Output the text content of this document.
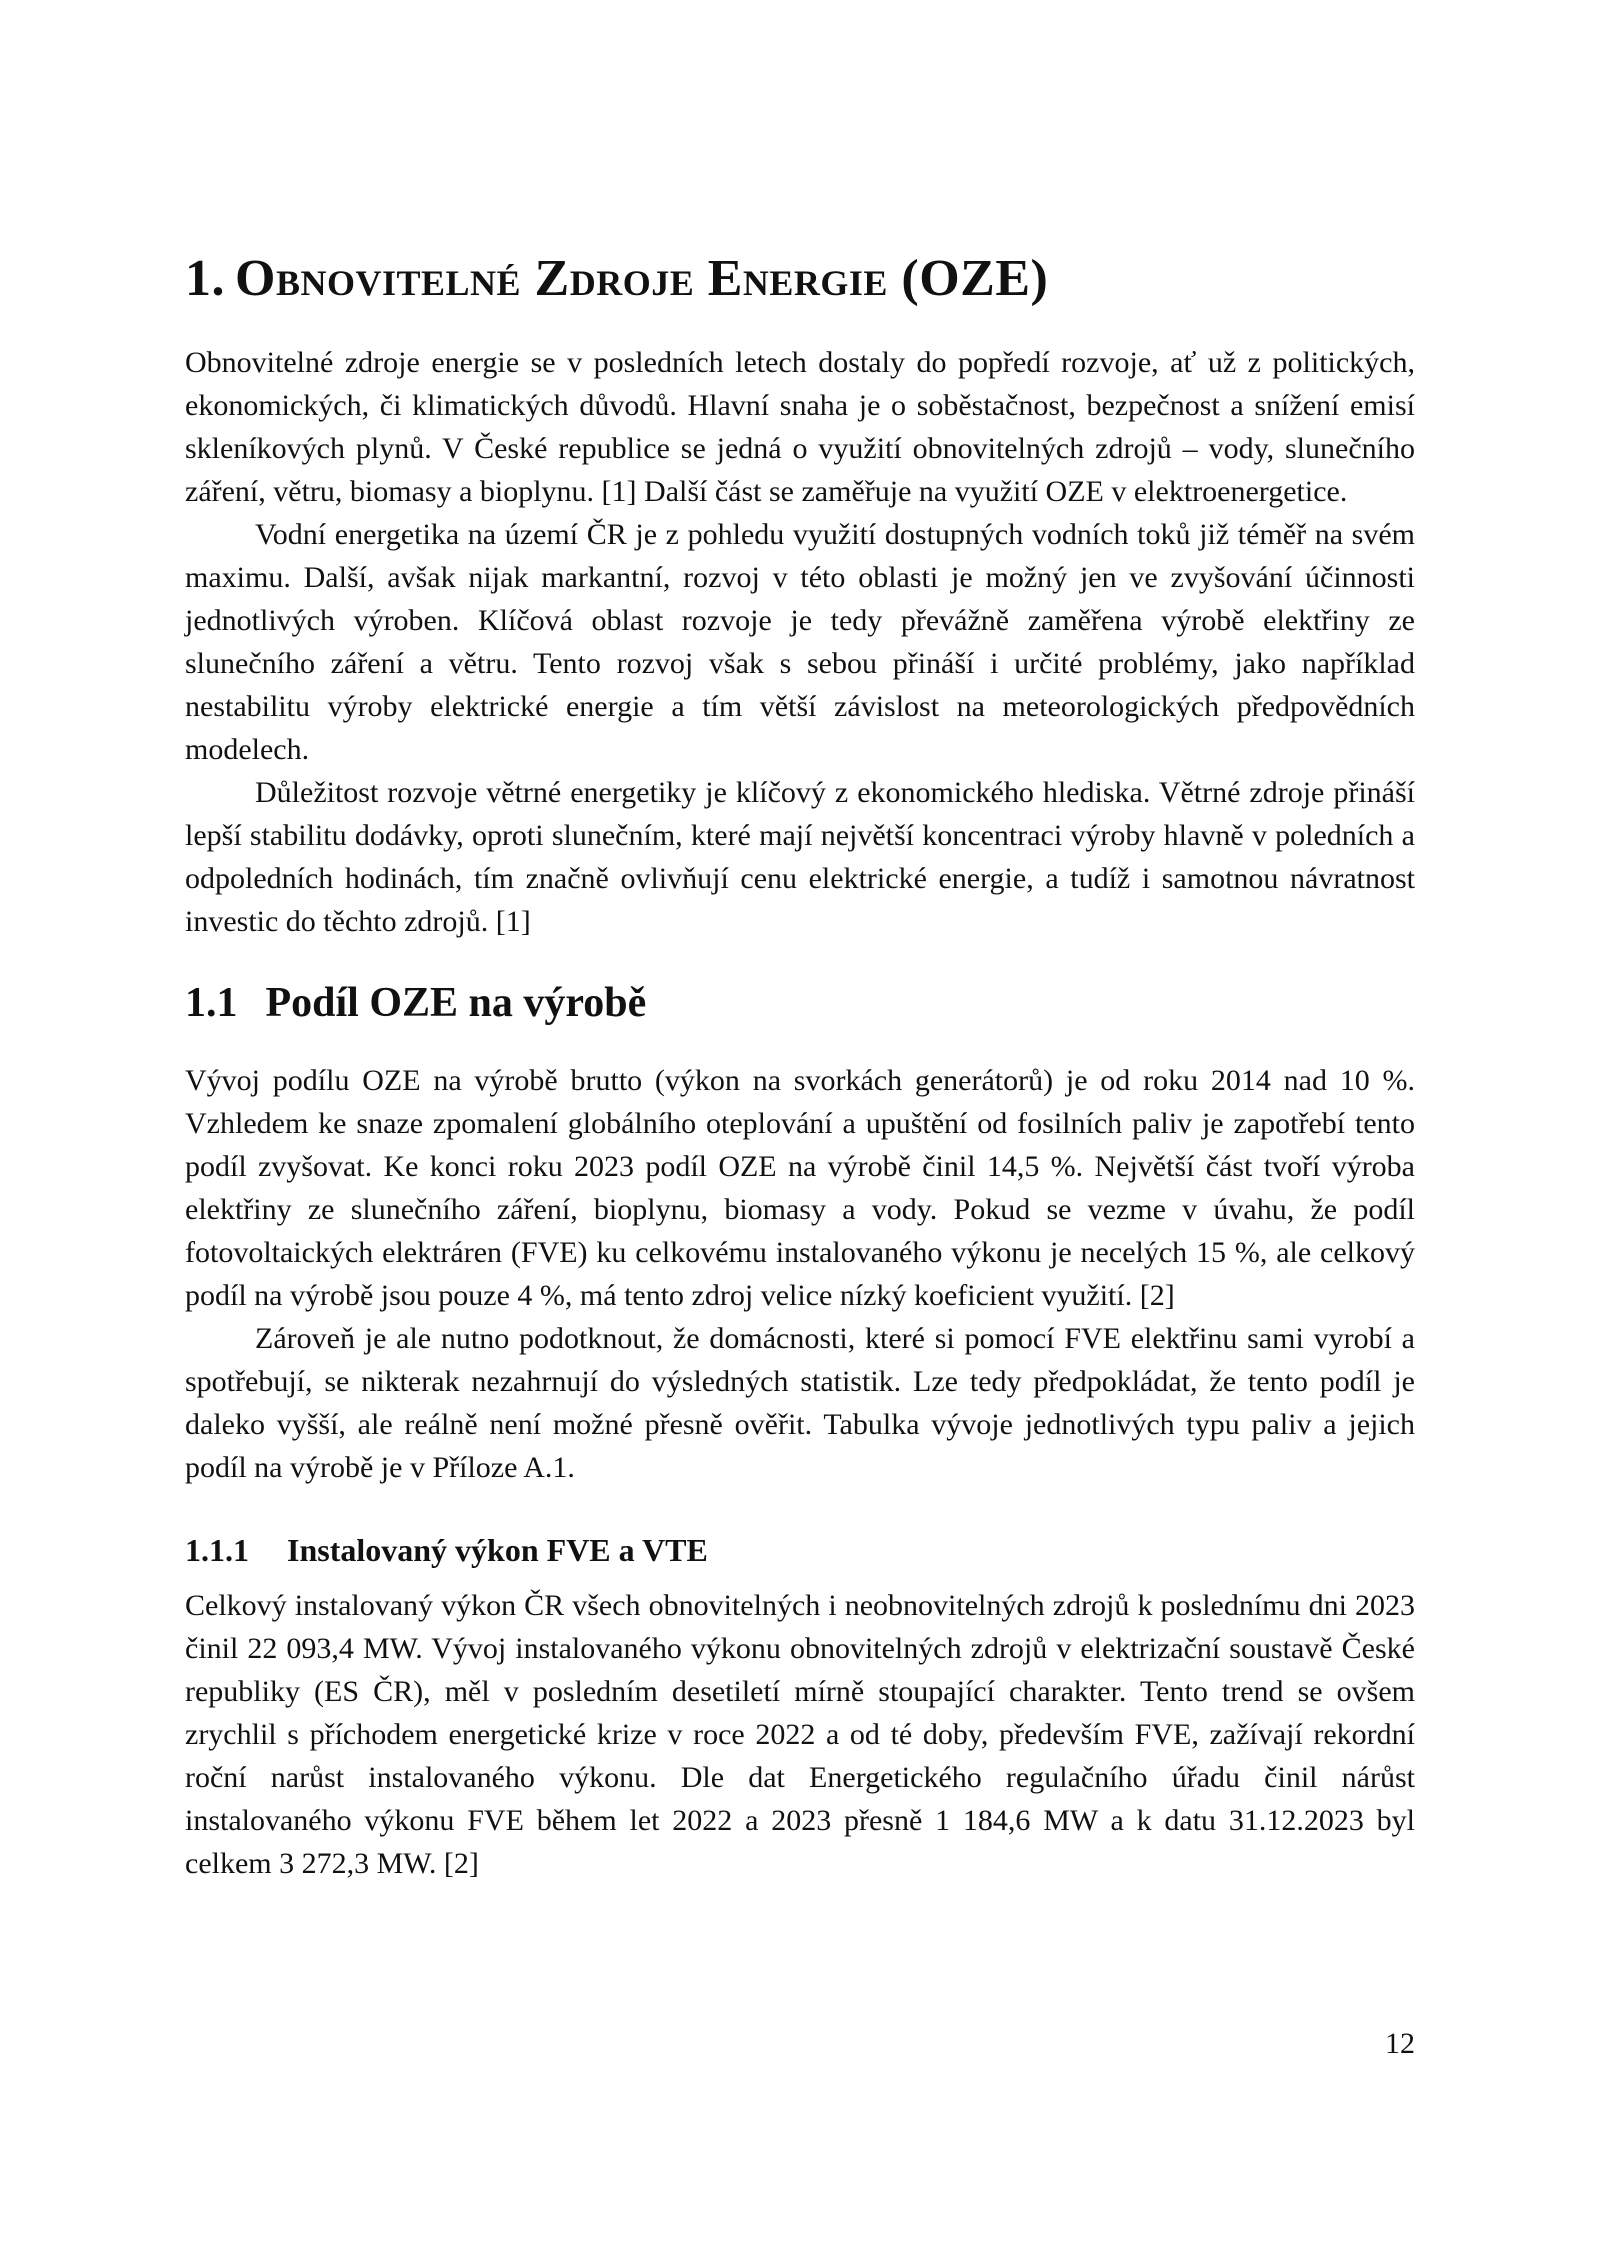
1. Obnovitelné Zdroje Energie (OZE)

Obnovitelné zdroje energie se v posledních letech dostaly do popředí rozvoje, ať už z politických, ekonomických, či klimatických důvodů. Hlavní snaha je o soběstačnost, bezpečnost a snížení emisí skleníkových plynů. V České republice se jedná o využití obnovitelných zdrojů – vody, slunečního záření, větru, biomasy a bioplynu. [1] Další část se zaměřuje na využití OZE v elektroenergetice.

Vodní energetika na území ČR je z pohledu využití dostupných vodních toků již téměř na svém maximu. Další, avšak nijak markantní, rozvoj v této oblasti je možný jen ve zvyšování účinnosti jednotlivých výroben. Klíčová oblast rozvoje je tedy převážně zaměřena výrobě elektřiny ze slunečního záření a větru. Tento rozvoj však s sebou přináší i určité problémy, jako například nestabilitu výroby elektrické energie a tím větší závislost na meteorologických předpovědních modelech.

Důležitost rozvoje větrné energetiky je klíčový z ekonomického hlediska. Větrné zdroje přináší lepší stabilitu dodávky, oproti slunečním, které mají největší koncentraci výroby hlavně v poledních a odpoledních hodinách, tím značně ovlivňují cenu elektrické energie, a tudíž i samotnou návratnost investic do těchto zdrojů. [1]

1.1 Podíl OZE na výrobě

Vývoj podílu OZE na výrobě brutto (výkon na svorkách generátorů) je od roku 2014 nad 10 %. Vzhledem ke snaze zpomalení globálního oteplování a upuštění od fosilních paliv je zapotřebí tento podíl zvyšovat. Ke konci roku 2023 podíl OZE na výrobě činil 14,5 %. Největší část tvoří výroba elektřiny ze slunečního záření, bioplynu, biomasy a vody. Pokud se vezme v úvahu, že podíl fotovoltaických elektráren (FVE) ku celkovému instalovaného výkonu je necelých 15 %, ale celkový podíl na výrobě jsou pouze 4 %, má tento zdroj velice nízký koeficient využití. [2]

Zároveň je ale nutno podotknout, že domácnosti, které si pomocí FVE elektřinu sami vyrobí a spotřebují, se nikterak nezahrnují do výsledných statistik. Lze tedy předpokládat, že tento podíl je daleko vyšší, ale reálně není možné přesně ověřit. Tabulka vývoje jednotlivých typu paliv a jejich podíl na výrobě je v Příloze A.1.

1.1.1 Instalovaný výkon FVE a VTE

Celkový instalovaný výkon ČR všech obnovitelných i neobnovitelných zdrojů k poslednímu dni 2023 činil 22 093,4 MW. Vývoj instalovaného výkonu obnovitelných zdrojů v elektrizační soustavě České republiky (ES ČR), měl v posledním desetiletí mírně stoupající charakter. Tento trend se ovšem zrychlil s příchodem energetické krize v roce 2022 a od té doby, především FVE, zažívají rekordní roční narůst instalovaného výkonu. Dle dat Energetického regulačního úřadu činil nárůst instalovaného výkonu FVE během let 2022 a 2023 přesně 1 184,6 MW a k datu 31.12.2023 byl celkem 3 272,3 MW. [2]

12
